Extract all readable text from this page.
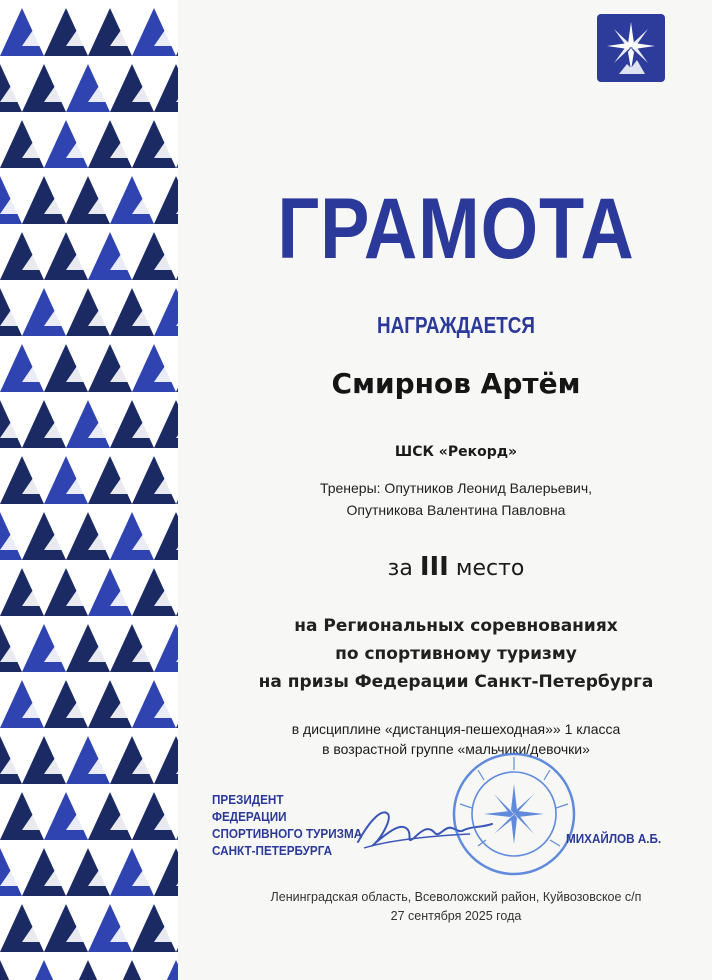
ГРАМОТА
НАГРАЖДАЕТСЯ
Смирнов Артём
ШСК «Рекорд»
Тренеры: Опутников Леонид Валерьевич,
Опутникова Валентина Павловна
за III место
на Региональных соревнованиях
по спортивному туризму
на призы Федерации Санкт-Петербурга
в дисциплине «дистанция-пешеходная»» 1 класса
в возрастной группе «мальчики/девочки»
ПРЕЗИДЕНТ
ФЕДЕРАЦИИ
СПОРТИВНОГО ТУРИЗМА
САНКТ-ПЕТЕРБУРГА
МИХАЙЛОВ А.Б.
Ленинградская область, Всеволожский район, Куйвозовское с/п
27 сентября 2025 года
